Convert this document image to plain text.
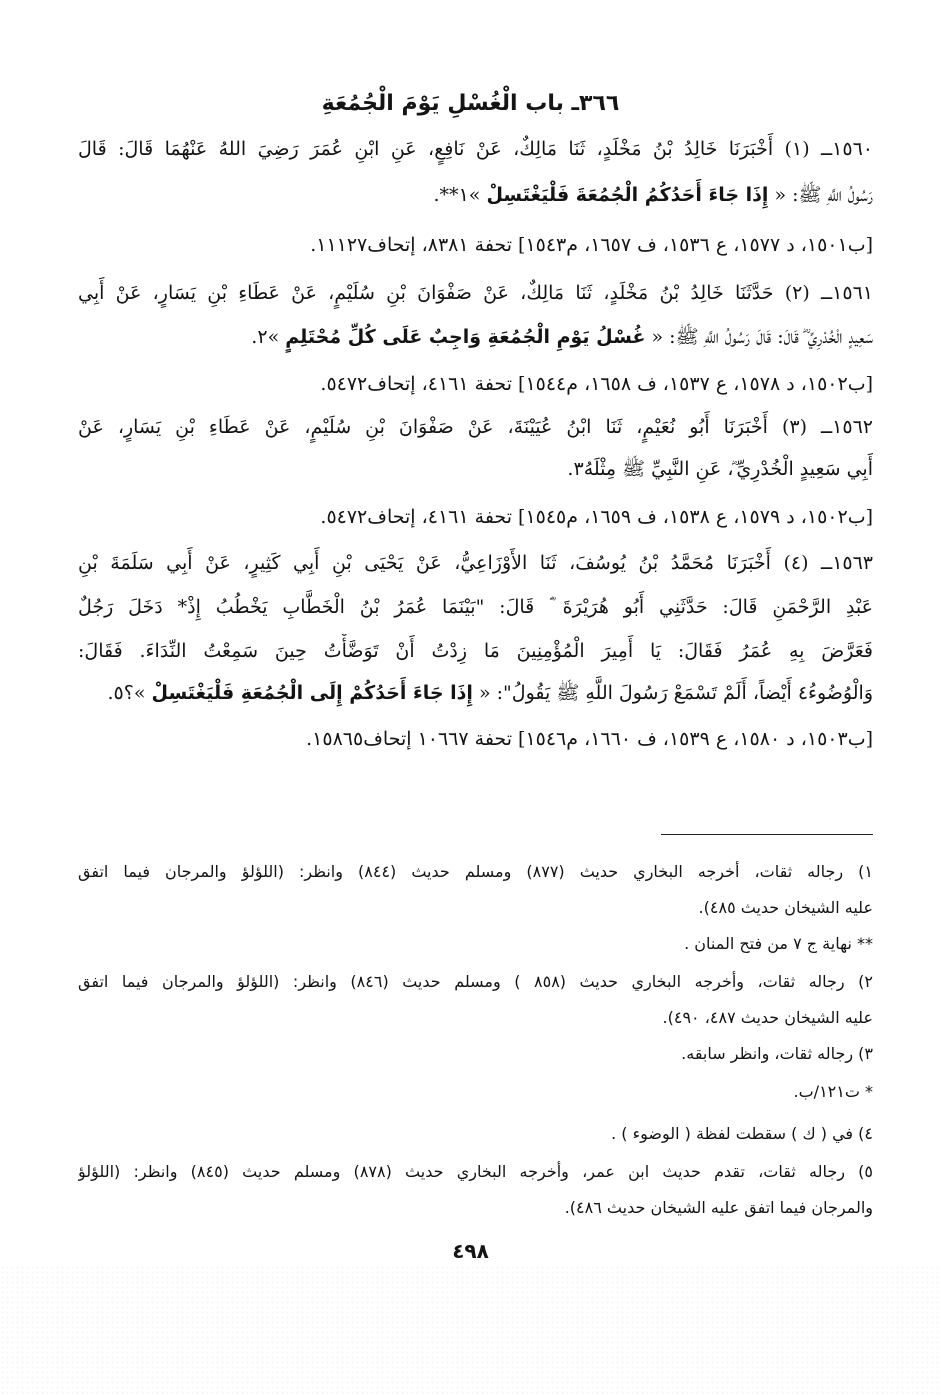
٣٦٦ـ باب الْغُسْلِ يَوْمَ الْجُمُعَةِ
١٥٦٠ــ (١) أَخْبَرَنَا خَالِدُ بْنُ مَخْلَدٍ، ثَنَا مَالِكٌ، عَنْ نَافِعٍ، عَنِ ابْنِ عُمَرَ رَضِيَ اللهُ عَنْهُمَا قَالَ: قَالَ
رَسُولُ اللَّهِ ﷺ: « إِذَا جَاءَ أَحَدُكُمُ الْجُمُعَةَ فَلْيَغْتَسِلْ »١**.
[ب١٥٠١، د ١٥٧٧، ع ١٥٣٦، ف ١٦٥٧، م١٥٤٣] تحفة ٨٣٨١، إتحاف١١١٢٧.
١٥٦١ــ (٢) حَدَّثَنَا خَالِدُ بْنُ مَخْلَدٍ، ثَنَا مَالِكٌ، عَنْ صَفْوَانَ بْنِ سُلَيْمٍ، عَنْ عَطَاءِ بْنِ يَسَارٍ، عَنْ أَبِي
سَعِيدٍ الْخُدْرِيِّ ؓ قَالَ: قَالَ رَسُولُ اللَّهِ ﷺ: « غُسْلُ يَوْمِ الْجُمُعَةِ وَاجِبٌ عَلَى كُلِّ مُحْتَلِمٍ »٢.
[ب١٥٠٢، د ١٥٧٨، ع ١٥٣٧، ف ١٦٥٨، م١٥٤٤] تحفة ٤١٦١، إتحاف٥٤٧٢.
١٥٦٢ــ (٣) أَخْبَرَنَا أَبُو نُعَيْمٍ، ثَنَا ابْنُ عُيَيْنَةَ، عَنْ صَفْوَانَ بْنِ سُلَيْمٍ، عَنْ عَطَاءِ بْنِ يَسَارٍ، عَنْ
أَبِي سَعِيدٍ الْخُدْرِيِّ ؓ، عَنِ النَّبِيِّ ﷺ مِثْلَهُ٣.
[ب١٥٠٢، د ١٥٧٩، ع ١٥٣٨، ف ١٦٥٩، م١٥٤٥] تحفة ٤١٦١، إتحاف٥٤٧٢.
١٥٦٣ــ (٤) أَخْبَرَنَا مُحَمَّدُ بْنُ يُوسُفَ، ثَنَا الأَوْزَاعِيُّ، عَنْ يَحْيَى بْنِ أَبِي كَثِيرٍ، عَنْ أَبِي سَلَمَةَ بْنِ
عَبْدِ الرَّحْمَنِ قَالَ: حَدَّثَنِي أَبُو هُرَيْرَةَ ؓ قَالَ: "بَيْنَمَا عُمَرُ بْنُ الْخَطَّابِ يَخْطُبُ إِذْ* دَخَلَ رَجُلٌ
فَعَرَّضَ بِهِ عُمَرُ فَقَالَ: يَا أَمِيرَ الْمُؤْمِنِينَ مَا زِدْتُ أَنْ تَوَضَّأْتُ حِينَ سَمِعْتُ النِّدَاءَ. فَقَالَ:
وَالْوُضُوءُ٤ أَيْضاً، أَلَمْ تَسْمَعْ رَسُولَ اللَّهِ ﷺ يَقُولُ": « إِذَا جَاءَ أَحَدُكُمْ إِلَى الْجُمُعَةِ فَلْيَغْتَسِلْ »؟٥.
[ب١٥٠٣، د ١٥٨٠، ع ١٥٣٩، ف ١٦٦٠، م١٥٤٦] تحفة ١٠٦٦٧ إتحاف١٥٨٦٥.
١) رجاله ثقات، أخرجه البخاري حديث (٨٧٧) ومسلم حديث (٨٤٤) وانظر: (اللؤلؤ والمرجان فيما اتفق
عليه الشيخان حديث ٤٨٥).
** نهاية ج ٧ من فتح المنان .
٢) رجاله ثقات، وأخرجه البخاري حديث (٨٥٨ ) ومسلم حديث (٨٤٦) وانظر: (اللؤلؤ والمرجان فيما اتفق
عليه الشيخان حديث ٤٨٧، ٤٩٠).
٣) رجاله ثقات، وانظر سابقه.
* ت١٢١/ب.
٤) في ( ك ) سقطت لفظة ( الوضوء ) .
٥) رجاله ثقات، تقدم حديث ابن عمر، وأخرجه البخاري حديث (٨٧٨) ومسلم حديث (٨٤٥) وانظر: (اللؤلؤ
والمرجان فيما اتفق عليه الشيخان حديث ٤٨٦).
٤٩٨
